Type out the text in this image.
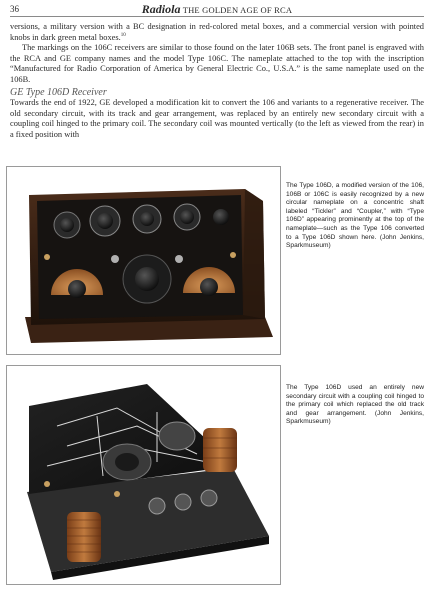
36	Radiola THE GOLDEN AGE OF RCA

versions, a military version with a BC designation in red-colored metal boxes, and a commercial version with pointed knobs in dark green metal boxes.$^{10}$

The markings on the 106C receivers are similar to those found on the later 106B sets. The front panel is engraved with the RCA and GE company names and the model Type 106C. The nameplate attached to the top with the inscription “Manufactured for Radio Corporation of America by General Electric Co., U.S.A.” is the same nameplate used on the 106B.

GE Type 106D Receiver

Towards the end of 1922, GE developed a modification kit to convert the 106 and variants to a regenerative receiver. The old secondary circuit, with its track and gear arrangement, was replaced by an entirely new secondary circuit with a coupling coil hinged to the primary coil. The secondary coil was mounted vertically (to the left as viewed from the rear) in a fixed position with

The Type 106D, a modified version of the 106, 106B or 106C is easily recognized by a new circular nameplate on a concentric shaft labeled “Tickler” and “Coupler,” with “Type 106D” appearing prominently at the top of the nameplate—such as the Type 106 converted to a Type 106D shown here. (John Jenkins, Sparkmuseum)
The Type 106D used an entirely new secondary circuit with a coupling coil hinged to the primary coil which replaced the old track and gear arrangement. (John Jenkins, Sparkmuseum)
